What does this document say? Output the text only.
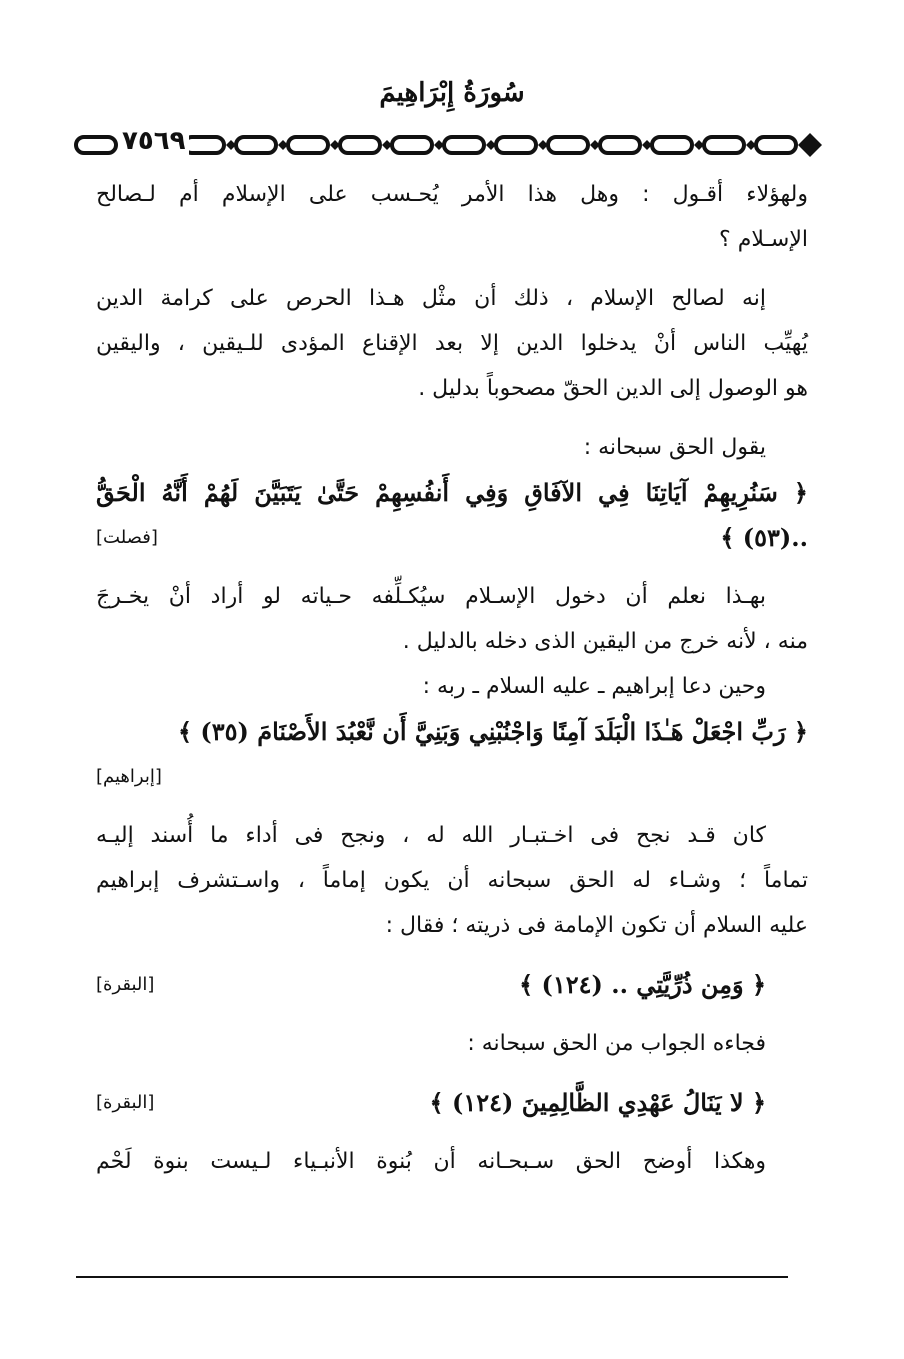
سُورَةُ إِبْرَاهِيمَ
٧٥٦٩
ولهؤلاء أقـول : وهل هذا الأمر يُحـسب على الإسلام أم لـصالح
الإسـلام ؟
إنه لصالح الإسلام ، ذلك أن مثْل هـذا الحرص على كرامة الدين
يُهيِّب الناس أنْ يدخلوا الدين إلا بعد الإقناع المؤدى للـيقين ، واليقين
هو الوصول إلى الدين الحقّ مصحوباً بدليل .
يقول الحق سبحانه :
﴿ سَنُرِيهِمْ آيَاتِنَا فِي الآفَاقِ وَفِي أَنفُسِهِمْ حَتَّىٰ يَتَبَيَّنَ لَهُمْ أَنَّهُ الْحَقُّ
..(٥٣) ﴾
[فصلت]
بهـذا نعلم أن دخول الإسـلام سيُكـلِّفه حـياته لو أراد أنْ يخـرجَ
منه ، لأنه خرج من اليقين الذى دخله بالدليل .
وحين دعا إبراهيم ـ عليه السلام ـ ربه :
﴿ رَبِّ اجْعَلْ هَـٰذَا الْبَلَدَ آمِنًا وَاجْنُبْنِي وَبَنِيَّ أَن نَّعْبُدَ الأَصْنَامَ (٣٥) ﴾
[إبراهيم]
كان قـد نجح فى اخـتبـار الله له ، ونجح فى أداء ما أُسند إليـه
تماماً ؛ وشـاء له الحق سبحانه أن يكون إماماً ، واسـتشرف إبراهيم
عليه السلام أن تكون الإمامة فى ذريته ؛ فقال :
﴿ وَمِن ذُرِّيَّتِي .. (١٢٤) ﴾
[البقرة]
فجاءه الجواب من الحق سبحانه :
﴿ لا يَنَالُ عَهْدِي الظَّالِمِينَ (١٢٤) ﴾
[البقرة]
وهكذا أوضح الحق سـبحـانه أن بُنوة الأنبـياء لـيست بنوة لَحْم
